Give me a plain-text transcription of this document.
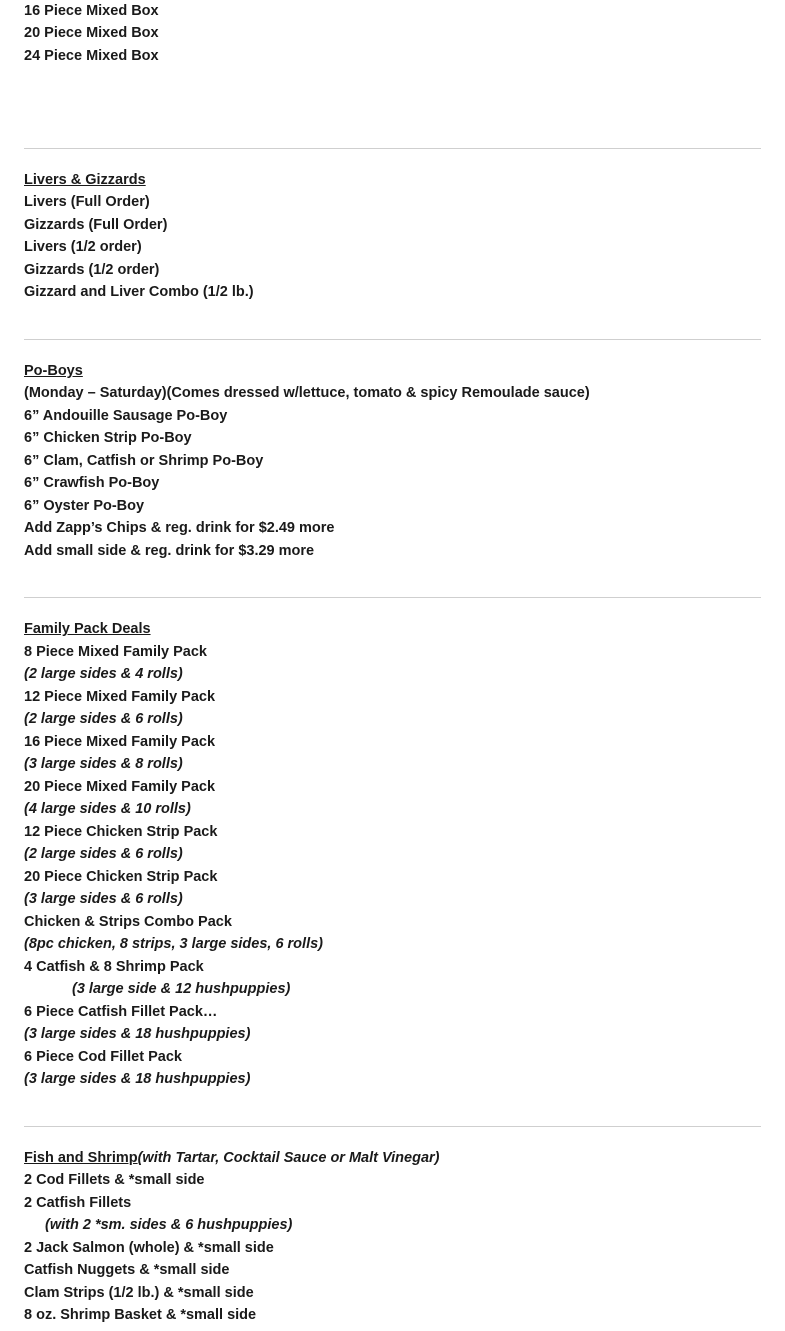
16 Piece Mixed Box
20 Piece Mixed Box
24 Piece Mixed Box
Livers & Gizzards
Livers (Full Order)
Gizzards (Full Order)
Livers (1/2 order)
Gizzards (1/2 order)
Gizzard and Liver Combo (1/2 lb.)
Po-Boys
(Monday – Saturday)(Comes dressed w/lettuce, tomato & spicy Remoulade sauce)
6” Andouille Sausage Po-Boy
6” Chicken Strip Po-Boy
6” Clam, Catfish or Shrimp Po-Boy
6” Crawfish Po-Boy
6” Oyster Po-Boy
Add Zapp’s Chips & reg. drink for $2.49 more
Add small side & reg. drink for $3.29 more
Family Pack Deals
8 Piece Mixed Family Pack
(2 large sides & 4 rolls)
12 Piece Mixed Family Pack
(2 large sides & 6 rolls)
16 Piece Mixed Family Pack
(3 large sides & 8 rolls)
20 Piece Mixed Family Pack
(4 large sides & 10 rolls)
12 Piece Chicken Strip Pack
(2 large sides & 6 rolls)
20 Piece Chicken Strip Pack
(3 large sides & 6 rolls)
Chicken & Strips Combo Pack
(8pc chicken, 8 strips, 3 large sides, 6 rolls)
4 Catfish & 8 Shrimp Pack
(3 large side & 12 hushpuppies)
6 Piece Catfish Fillet Pack…
(3 large sides & 18 hushpuppies)
6 Piece Cod Fillet Pack
(3 large sides & 18 hushpuppies)
Fish and Shrimp(with Tartar, Cocktail Sauce or Malt Vinegar)
2 Cod Fillets & *small side
2 Catfish Fillets
(with 2 *sm. sides & 6 hushpuppies)
2 Jack Salmon (whole) & *small side
Catfish Nuggets & *small side
Clam Strips (1/2 lb.) & *small side
8 oz. Shrimp Basket & *small side
